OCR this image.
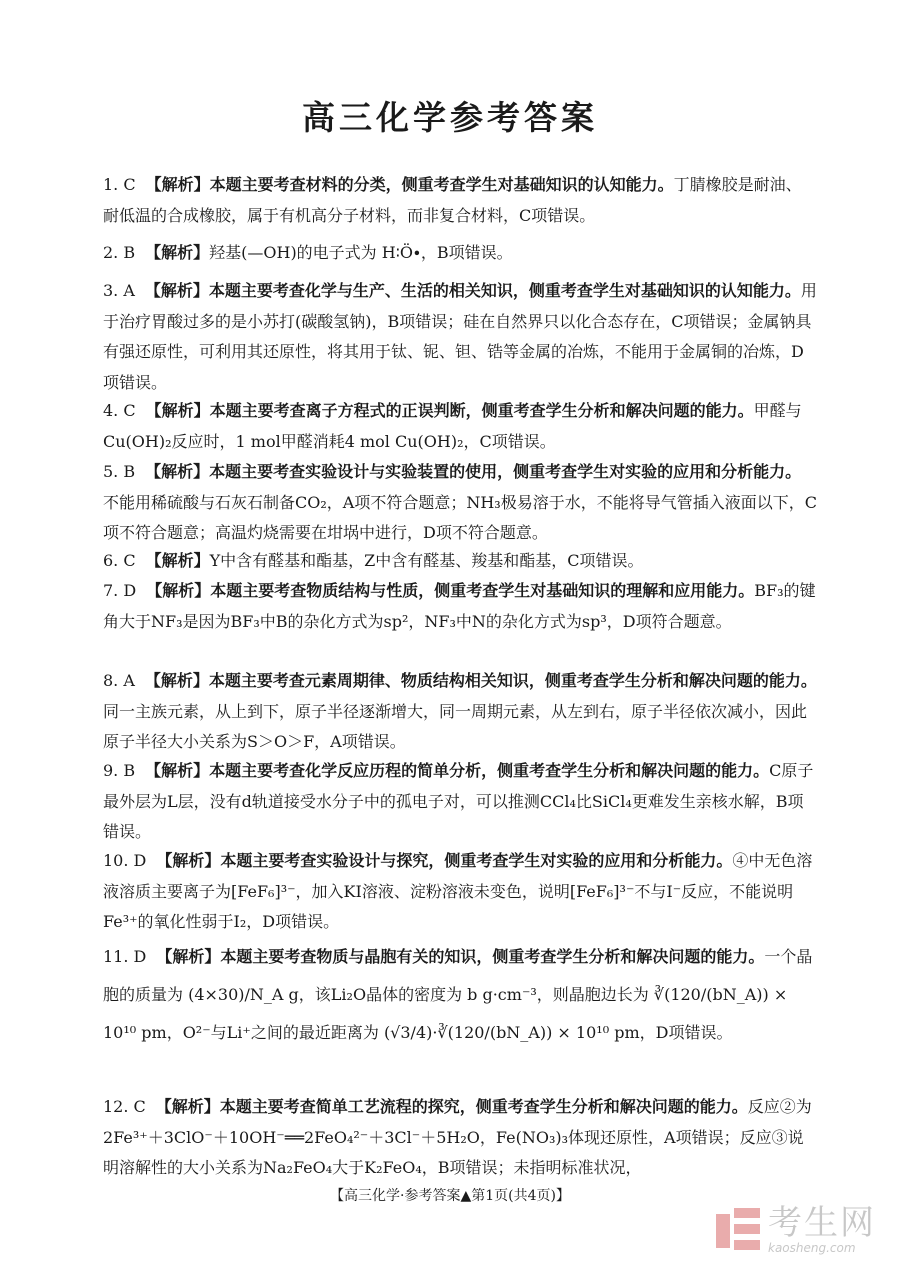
高三化学参考答案

1. C 【解析】本题主要考查材料的分类，侧重考查学生对基础知识的认知能力。丁腈橡胶是耐油、耐低温的合成橡胶，属于有机高分子材料，而非复合材料，C项错误。

2. B 【解析】羟基(—OH)的电子式为 H∶Ö∙，B项错误。

3. A 【解析】本题主要考查化学与生产、生活的相关知识，侧重考查学生对基础知识的认知能力。用于治疗胃酸过多的是小苏打(碳酸氢钠)，B项错误；硅在自然界只以化合态存在，C项错误；金属钠具有强还原性，可利用其还原性，将其用于钛、铌、钽、锆等金属的冶炼，不能用于金属铜的冶炼，D项错误。

4. C 【解析】本题主要考查离子方程式的正误判断，侧重考查学生分析和解决问题的能力。甲醛与Cu(OH)₂反应时，1 mol甲醛消耗4 mol Cu(OH)₂，C项错误。

5. B 【解析】本题主要考查实验设计与实验装置的使用，侧重考查学生对实验的应用和分析能力。不能用稀硫酸与石灰石制备CO₂，A项不符合题意；NH₃极易溶于水，不能将导气管插入液面以下，C项不符合题意；高温灼烧需要在坩埚中进行，D项不符合题意。

6. C 【解析】Y中含有醛基和酯基，Z中含有醛基、羧基和酯基，C项错误。

7. D 【解析】本题主要考查物质结构与性质，侧重考查学生对基础知识的理解和应用能力。BF₃的键角大于NF₃是因为BF₃中B的杂化方式为sp²，NF₃中N的杂化方式为sp³，D项符合题意。

8. A 【解析】本题主要考查元素周期律、物质结构相关知识，侧重考查学生分析和解决问题的能力。同一主族元素，从上到下，原子半径逐渐增大，同一周期元素，从左到右，原子半径依次减小，因此原子半径大小关系为S＞O＞F，A项错误。

9. B 【解析】本题主要考查化学反应历程的简单分析，侧重考查学生分析和解决问题的能力。C原子最外层为L层，没有d轨道接受水分子中的孤电子对，可以推测CCl₄比SiCl₄更难发生亲核水解，B项错误。

10. D 【解析】本题主要考查实验设计与探究，侧重考查学生对实验的应用和分析能力。④中无色溶液溶质主要离子为[FeF₆]³⁻，加入KI溶液、淀粉溶液未变色，说明[FeF₆]³⁻不与I⁻反应，不能说明Fe³⁺的氧化性弱于I₂，D项错误。

11. D 【解析】本题主要考查物质与晶胞有关的知识，侧重考查学生分析和解决问题的能力。一个晶胞的质量为 (4×30)/N_A g，该Li₂O晶体的密度为 b g·cm⁻³，则晶胞边长为 ∛(120/(bN_A)) × 10¹⁰ pm，O²⁻与Li⁺之间的最近距离为 (√3/4)·∛(120/(bN_A)) × 10¹⁰ pm，D项错误。

12. C 【解析】本题主要考查简单工艺流程的探究，侧重考查学生分析和解决问题的能力。反应②为2Fe³⁺＋3ClO⁻＋10OH⁻══2FeO₄²⁻＋3Cl⁻＋5H₂O，Fe(NO₃)₃体现还原性，A项错误；反应③说明溶解性的大小关系为Na₂FeO₄大于K₂FeO₄，B项错误；未指明标准状况，

【高三化学·参考答案▲第1页(共4页)】
考生网
kaosheng.com
